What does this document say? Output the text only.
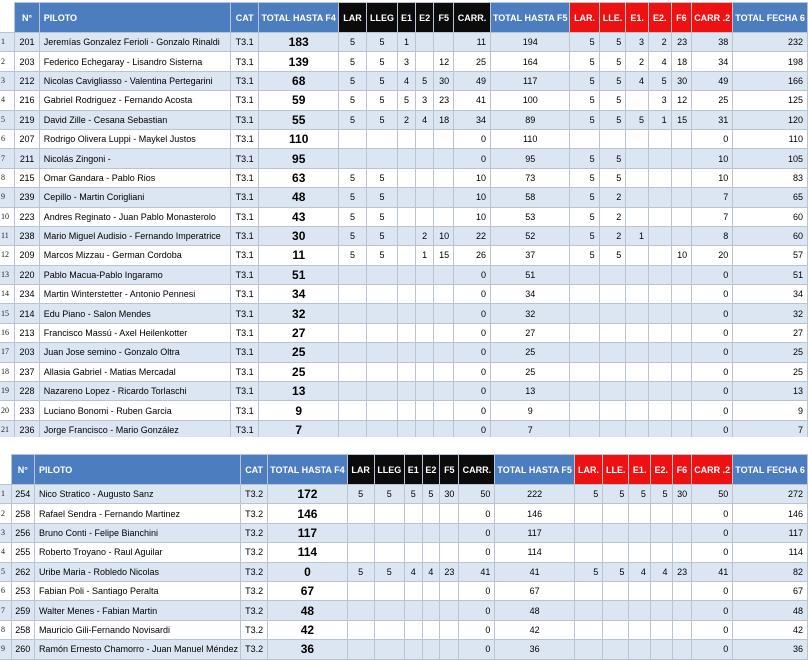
	N°	PILOTO	CAT	TOTAL HASTA F4	LAR	LLEG	E1	E2	F5	CARR.	TOTAL HASTA F5	LAR.	LLE.	E1.	E2.	F6	CARR .2	TOTAL FECHA 6
1	201	Jeremías Gonzalez Ferioli - Gonzalo Rinaldi	T3.1	183	5	5	1			11	194	5	5	3	2	23	38	232
2	203	Federico Echegaray - Lisandro Sisterna	T3.1	139	5	5	3		12	25	164	5	5	2	4	18	34	198
3	212	Nicolas Cavigliasso - Valentina Pertegarini	T3.1	68	5	5	4	5	30	49	117	5	5	4	5	30	49	166
4	216	Gabriel Rodriguez - Fernando Acosta	T3.1	59	5	5	5	3	23	41	100	5	5		3	12	25	125
5	219	David Zille - Cesana Sebastian	T3.1	55	5	5	2	4	18	34	89	5	5	5	1	15	31	120
6	207	Rodrigo Olivera Luppi - Maykel Justos	T3.1	110						0	110						0	110
7	211	Nicolás Zingoni -	T3.1	95						0	95	5	5				10	105
8	215	Omar Gandara - Pablo Rios	T3.1	63	5	5				10	73	5	5				10	83
9	239	Cepillo - Martin Corigliani	T3.1	48	5	5				10	58	5	2				7	65
10	223	Andres Reginato - Juan Pablo Monasterolo	T3.1	43	5	5				10	53	5	2				7	60
11	238	Mario Miguel Audisio - Fernando Imperatrice	T3.1	30	5	5		2	10	22	52	5	2	1			8	60
12	209	Marcos Mizzau - German Cordoba	T3.1	11	5	5		1	15	26	37	5	5			10	20	57
13	220	Pablo Macua-Pablo Ingaramo	T3.1	51						0	51						0	51
14	234	Martin Winterstetter - Antonio Pennesi	T3.1	34						0	34						0	34
15	214	Edu Piano - Salon Mendes	T3.1	32						0	32						0	32
16	213	Francisco Massú - Axel Heilenkotter	T3.1	27						0	27						0	27
17	203	Juan Jose semino - Gonzalo Oltra	T3.1	25						0	25						0	25
18	237	Allasia Gabriel - Matias Mercadal	T3.1	25						0	25						0	25
19	228	Nazareno Lopez - Ricardo Torlaschi	T3.1	13						0	13						0	13
20	233	Luciano Bonomi - Ruben Garcia	T3.1	9						0	9						0	9
21	236	Jorge Francisco - Mario González	T3.1	7						0	7						0	7
	N°	PILOTO	CAT	TOTAL HASTA F4	LAR	LLEG	E1	E2	F5	CARR.	TOTAL HASTA F5	LAR.	LLE.	E1.	E2.	F6	CARR .2	TOTAL FECHA 6
1	254	Nico Stratico - Augusto Sanz	T3.2	172	5	5	5	5	30	50	222	5	5	5	5	30	50	272
2	258	Rafael Sendra - Fernando Martinez	T3.2	146						0	146						0	146
3	256	Bruno Conti - Felipe Bianchini	T3.2	117						0	117						0	117
4	255	Roberto Troyano - Raul Aguilar	T3.2	114						0	114						0	114
5	262	Uribe Maria - Robledo Nicolas	T3.2	0	5	5	4	4	23	41	41	5	5	4	4	23	41	82
6	253	Fabian Poli - Santiago Peralta	T3.2	67						0	67						0	67
7	259	Walter Menes - Fabian Martin	T3.2	48						0	48						0	48
8	258	Mauricio Gili-Fernando Novisardi	T3.2	42						0	42						0	42
9	260	Ramón Ernesto Chamorro - Juan Manuel Méndez	T3.2	36						0	36						0	36
